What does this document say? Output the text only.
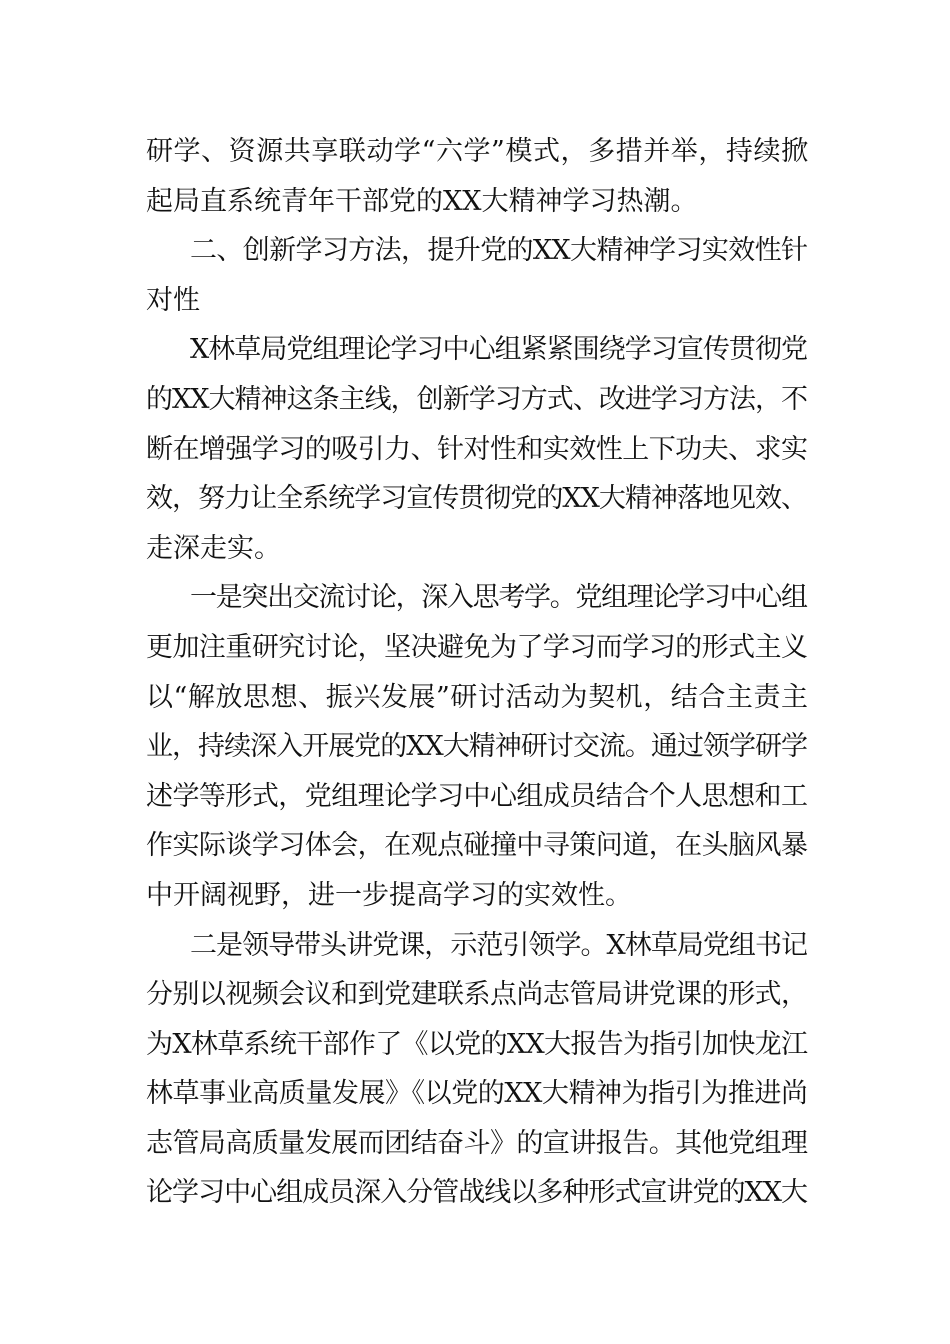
研学、资源共享联动学“六学”模式，多措并举，持续掀
起局直系统青年干部党的XX大精神学习热潮。
二、创新学习方法，提升党的XX大精神学习实效性针
对性
X林草局党组理论学习中心组紧紧围绕学习宣传贯彻党
的XX大精神这条主线，创新学习方式、改进学习方法，不
断在增强学习的吸引力、针对性和实效性上下功夫、求实
效，努力让全系统学习宣传贯彻党的XX大精神落地见效、
走深走实。
一是突出交流讨论，深入思考学。党组理论学习中心组
更加注重研究讨论，坚决避免为了学习而学习的形式主义
以“解放思想、振兴发展”研讨活动为契机，结合主责主
业，持续深入开展党的XX大精神研讨交流。通过领学研学
述学等形式，党组理论学习中心组成员结合个人思想和工
作实际谈学习体会，在观点碰撞中寻策问道，在头脑风暴
中开阔视野，进一步提高学习的实效性。
二是领导带头讲党课，示范引领学。X林草局党组书记
分别以视频会议和到党建联系点尚志管局讲党课的形式，
为X林草系统干部作了《以党的XX大报告为指引加快龙江
林草事业高质量发展》《以党的XX大精神为指引为推进尚
志管局高质量发展而团结奋斗》的宣讲报告。其他党组理
论学习中心组成员深入分管战线以多种形式宣讲党的XX大
